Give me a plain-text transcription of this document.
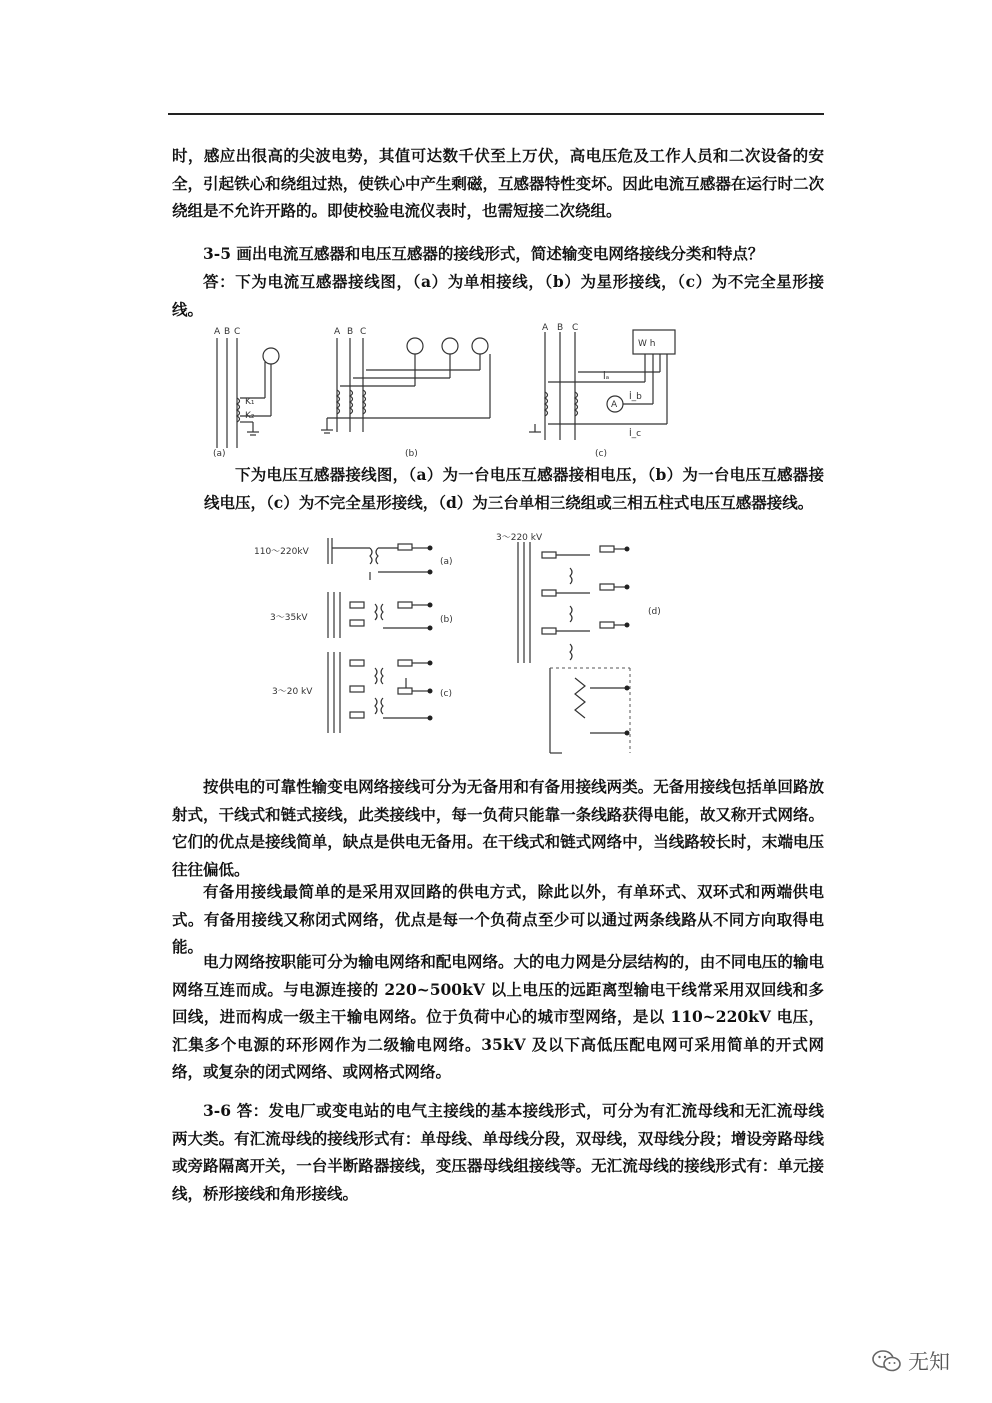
时，感应出很高的尖波电势，其值可达数千伏至上万伏，高电压危及工作人员和二次设备的安全，引起铁心和绕组过热，使铁心中产生剩磁，互感器特性变坏。因此电流互感器在运行时二次绕组是不允许开路的。即使校验电流仪表时，也需短接二次绕组。

3-5 画出电流互感器和电压互感器的接线形式，简述输变电网络接线分类和特点？

答：下为电流互感器接线图，（a）为单相接线，（b）为星形接线，（c）为不完全星形接线。

A B C
K₁
K₂
(a)
A B C
(b)
A B C
W h
A
İₐ
İ_b
İ_c
(c)

下为电压互感器接线图，（a）为一台电压互感器接相电压，（b）为一台电压互感器接线电压，（c）为不完全星形接线，（d）为三台单相三绕组或三相五柱式电压互感器接线。

110～220kV
3～35kV
3～20 kV
3～220 kV
(a)
(b)
(c)
(d)

按供电的可靠性输变电网络接线可分为无备用和有备用接线两类。无备用接线包括单回路放射式，干线式和链式接线，此类接线中，每一负荷只能靠一条线路获得电能，故又称开式网络。它们的优点是接线简单，缺点是供电无备用。在干线式和链式网络中，当线路较长时，末端电压往往偏低。

有备用接线最简单的是采用双回路的供电方式，除此以外，有单环式、双环式和两端供电式。有备用接线又称闭式网络，优点是每一个负荷点至少可以通过两条线路从不同方向取得电能。

电力网络按职能可分为输电网络和配电网络。大的电力网是分层结构的，由不同电压的输电网络互连而成。与电源连接的 220~500kV 以上电压的远距离型输电干线常采用双回线和多回线，进而构成一级主干输电网络。位于负荷中心的城市型网络，是以 110~220kV 电压，汇集多个电源的环形网作为二级输电网络。35kV 及以下高低压配电网可采用简单的开式网络，或复杂的闭式网络、或网格式网络。

3-6 答：发电厂或变电站的电气主接线的基本接线形式，可分为有汇流母线和无汇流母线两大类。有汇流母线的接线形式有：单母线、单母线分段，双母线，双母线分段；增设旁路母线或旁路隔离开关，一台半断路器接线，变压器母线组接线等。无汇流母线的接线形式有：单元接线，桥形接线和角形接线。

无知
